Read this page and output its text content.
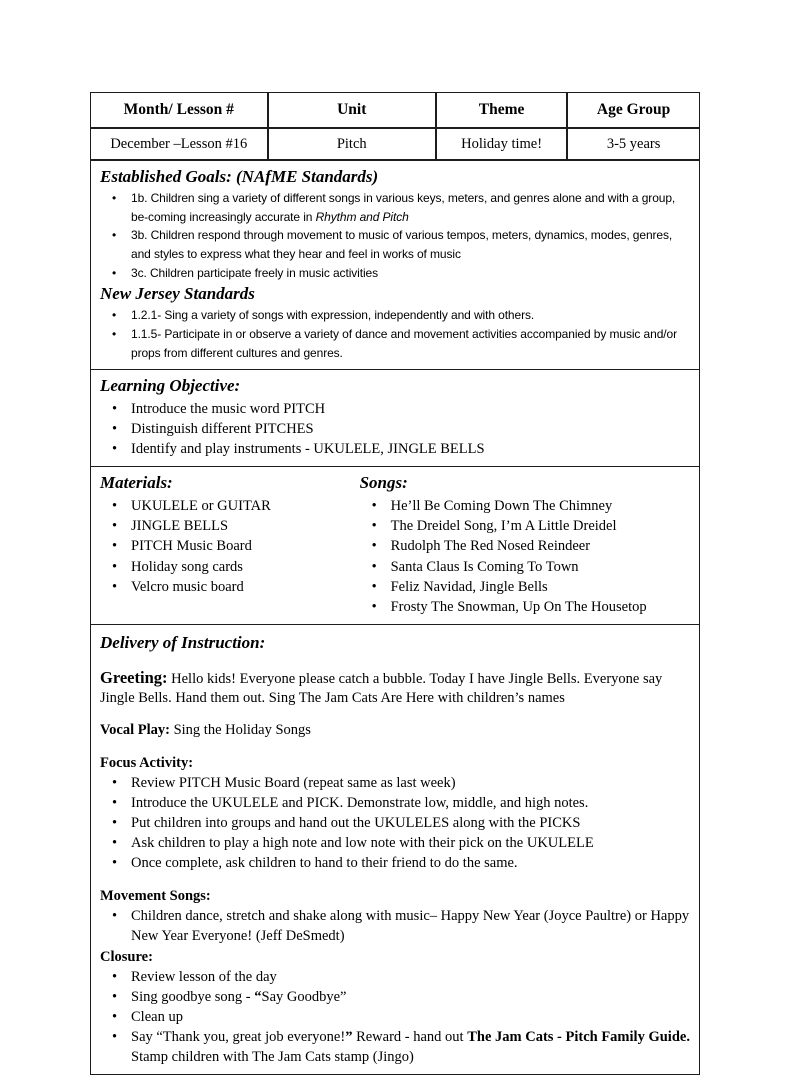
Month/ Lesson #	Unit	Theme	Age Group
December –Lesson #16	Pitch	Holiday time!	3-5 years
Established Goals: (NAfME Standards)
• 1b. Children sing a variety of different songs in various keys, meters, and genres alone and with a group, be-coming increasingly accurate in Rhythm and Pitch
• 3b. Children respond through movement to music of various tempos, meters, dynamics, modes, genres, and styles to express what they hear and feel in works of music
• 3c. Children participate freely in music activities
New Jersey Standards
• 1.2.1- Sing a variety of songs with expression, independently and with others.
• 1.1.5- Participate in or observe a variety of dance and movement activities accompanied by music and/or props from different cultures and genres.
Learning Objective:
• Introduce the music word PITCH
• Distinguish different PITCHES
• Identify and play instruments - UKULELE, JINGLE BELLS
Materials:
• UKULELE or GUITAR
• JINGLE BELLS
• PITCH Music Board
• Holiday song cards
• Velcro music board
Songs:
• He’ll Be Coming Down The Chimney
• The Dreidel Song, I’m A Little Dreidel
• Rudolph The Red Nosed Reindeer
• Santa Claus Is Coming To Town
• Feliz Navidad, Jingle Bells
• Frosty The Snowman, Up On The Housetop
Delivery of Instruction:

Greeting: Hello kids! Everyone please catch a bubble. Today I have Jingle Bells. Everyone say Jingle Bells. Hand them out. Sing The Jam Cats Are Here with children’s names

Vocal Play: Sing the Holiday Songs

Focus Activity:

• Review PITCH Music Board (repeat same as last week)
• Introduce the UKULELE and PICK. Demonstrate low, middle, and high notes.
• Put children into groups and hand out the UKULELES along with the PICKS
• Ask children to play a high note and low note with their pick on the UKULELE
• Once complete, ask children to hand to their friend to do the same.

Movement Songs:

• Children dance, stretch and shake along with music– Happy New Year (Joyce Paultre) or Happy New Year Everyone! (Jeff DeSmedt)

Closure:

• Review lesson of the day
• Sing goodbye song - “Say Goodbye”
• Clean up
• Say “Thank you, great job everyone!” Reward - hand out The Jam Cats - Pitch Family Guide. Stamp children with The Jam Cats stamp (Jingo)
